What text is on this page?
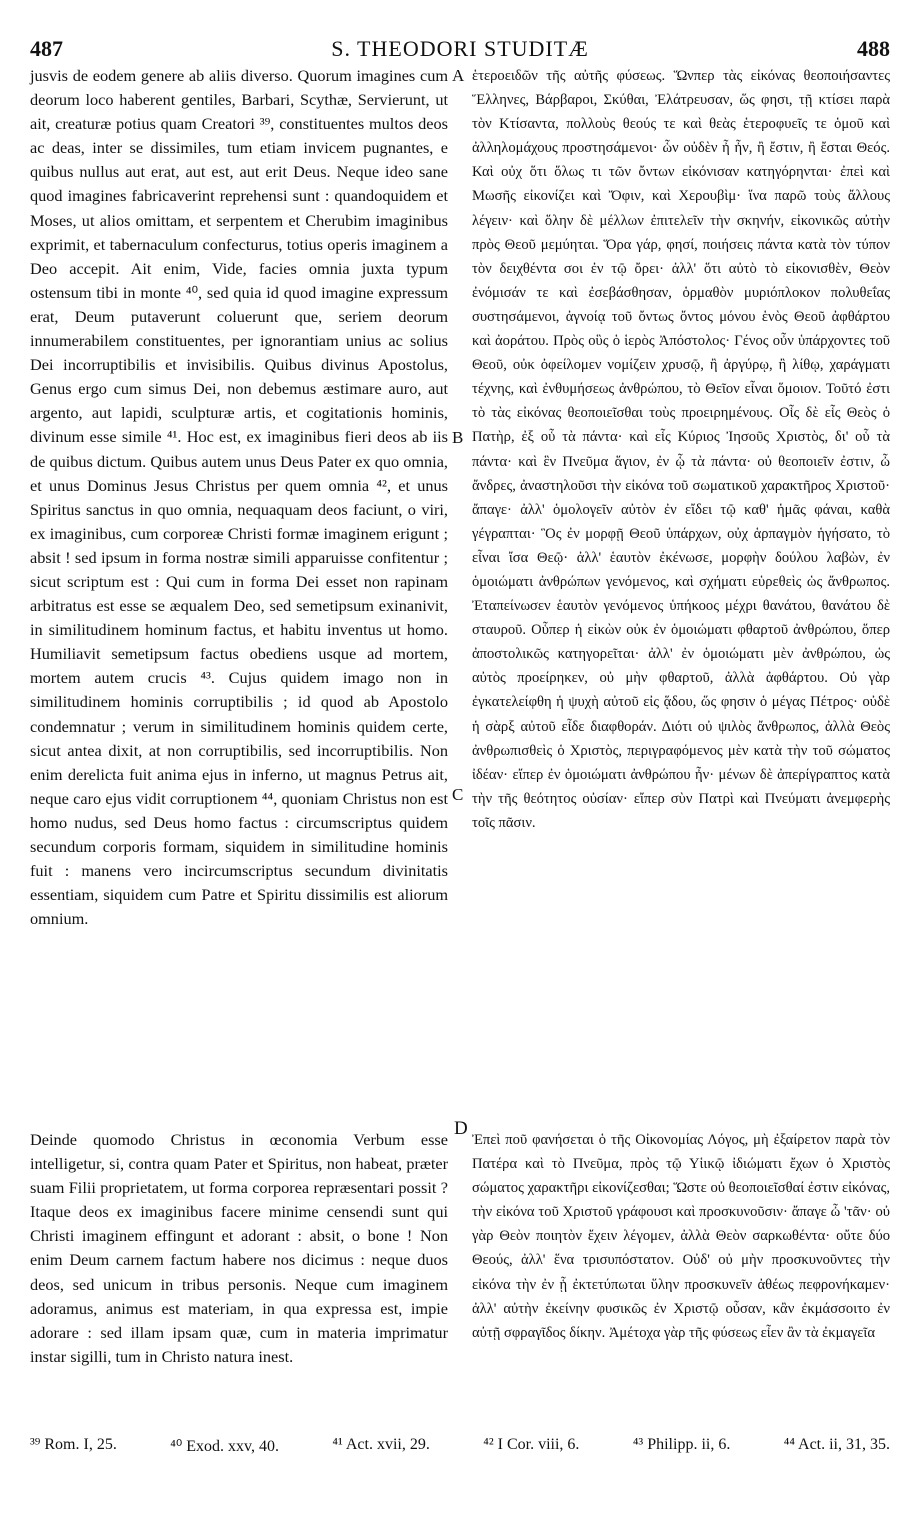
487	S. THEODORI STUDITÆ	488

jusvis de eodem genere ab aliis diverso. Quorum imagines cum deorum loco haberent gentiles, Barbari, Scythæ, Servierunt, ut ait, creaturæ potius quam Creatori ³⁹, constituentes multos deos ac deas, inter se dissimiles, tum etiam invicem pugnantes, e quibus nullus aut erat, aut est, aut erit Deus. Neque ideo sane quod imagines fabricaverint reprehensi sunt : quandoquidem et Moses, ut alios omittam, et serpentem et Cherubim imaginibus exprimit, et tabernaculum confecturus, totius operis imaginem a Deo accepit. Ait enim, Vide, facies omnia juxta typum ostensum tibi in monte ⁴⁰, sed quia id quod imagine expressum erat, Deum putaverunt coluerunt que, seriem deorum innumerabilem constituentes, per ignorantiam unius ac solius Dei incorruptibilis et invisibilis. Quibus divinus Apostolus, Genus ergo cum simus Dei, non debemus æstimare auro, aut argento, aut lapidi, sculpturæ artis, et cogitationis hominis, divinum esse simile ⁴¹. Hoc est, ex imaginibus fieri deos ab iis de quibus dictum. Quibus autem unus Deus Pater ex quo omnia, et unus Dominus Jesus Christus per quem omnia ⁴², et unus Spiritus sanctus in quo omnia, nequaquam deos faciunt, o viri, ex imaginibus, cum corporeæ Christi formæ imaginem erigunt ; absit ! sed ipsum in forma nostræ simili apparuisse confitentur ; sicut scriptum est : Qui cum in forma Dei esset non rapinam arbitratus est esse se æqualem Deo, sed semetipsum exinanivit, in similitudinem hominum factus, et habitu inventus ut homo. Humiliavit semetipsum factus obediens usque ad mortem, mortem autem crucis ⁴³. Cujus quidem imago non in similitudinem hominis corruptibilis ; id quod ab Apostolo condemnatur ; verum in similitudinem hominis quidem certe, sicut antea dixit, at non corruptibilis, sed incorruptibilis. Non enim derelicta fuit anima ejus in inferno, ut magnus Petrus ait, neque caro ejus vidit corruptionem ⁴⁴, quoniam Christus non est homo nudus, sed Deus homo factus : circumscriptus quidem secundum corporis formam, siquidem in similitudine hominis fuit : manens vero incircumscriptus secundum divinitatis essentiam, siquidem cum Patre et Spiritu dissimilis est aliorum omnium.

ἑτεροειδῶν τῆς αὐτῆς φύσεως. Ὥνπερ τὰς εἰκόνας θεοποιήσαντες Ἕλληνες, Βάρβαροι, Σκύθαι, Ἐλάτρευσαν, ὥς φησι, τῇ κτίσει παρὰ τὸν Κτίσαντα, πολλοὺς θεούς τε καὶ θεὰς ἑτεροφυεῖς τε ὁμοῦ καὶ ἀλληλομάχους προστησάμενοι· ὧν οὐδὲν ἦ ἦν, ἢ ἔστιν, ἢ ἔσται Θεός. Καὶ οὐχ ὅτι ὅλως τι τῶν ὄντων εἰκόνισαν κατηγόρηνται· ἐπεὶ καὶ Μωσῆς εἰκονίζει καὶ Ὄφιν, καὶ Χερουβὶμ· ἵνα παρῶ τοὺς ἄλλους λέγειν· καὶ ὅλην δὲ μέλλων ἐπιτελεῖν τὴν σκηνήν, εἰκονικῶς αὐτὴν πρὸς Θεοῦ μεμύηται. Ὅρα γάρ, φησί, ποιήσεις πάντα κατὰ τὸν τύπον τὸν δειχθέντα σοι ἐν τῷ ὄρει· ἀλλ' ὅτι αὐτὸ τὸ εἰκονισθὲν, Θεὸν ἐνόμισάν τε καὶ ἐσεβάσθησαν, ὁρμαθὸν μυριόπλοκον πολυθεΐας συστησάμενοι, ἀγνοίᾳ τοῦ ὄντως ὄντος μόνου ἑνὸς Θεοῦ ἀφθάρτου καὶ ἀοράτου. Πρὸς οὓς ὁ ἱερὸς Ἀπόστολος· Γένος οὖν ὑπάρχοντες τοῦ Θεοῦ, οὐκ ὀφείλομεν νομίζειν χρυσῷ, ἢ ἀργύρῳ, ἢ λίθῳ, χαράγματι τέχνης, καὶ ἐνθυμήσεως ἀνθρώπου, τὸ Θεῖον εἶναι ὅμοιον. Τοῦτό ἐστι τὸ τὰς εἰκόνας θεοποιεῖσθαι τοὺς προειρημένους. Οἷς δὲ εἷς Θεὸς ὁ Πατὴρ, ἐξ οὗ τὰ πάντα· καὶ εἷς Κύριος Ἰησοῦς Χριστὸς, δι' οὗ τὰ πάντα· καὶ ἓν Πνεῦμα ἅγιον, ἐν ᾧ τὰ πάντα· οὐ θεοποιεῖν ἐστιν, ὦ ἄνδρες, ἀναστηλοῦσι τὴν εἰκόνα τοῦ σωματικοῦ χαρακτῆρος Χριστοῦ· ἄπαγε· ἀλλ' ὁμολογεῖν αὐτὸν ἐν εἴδει τῷ καθ' ἡμᾶς φάναι, καθὰ γέγραπται· Ὃς ἐν μορφῇ Θεοῦ ὑπάρχων, οὐχ ἁρπαγμὸν ἡγήσατο, τὸ εἶναι ἴσα Θεῷ· ἀλλ' ἑαυτὸν ἐκένωσε, μορφὴν δούλου λαβὼν, ἐν ὁμοιώματι ἀνθρώπων γενόμενος, καὶ σχήματι εὑρεθεὶς ὡς ἄνθρωπος. Ἐταπείνωσεν ἑαυτὸν γενόμενος ὑπήκοος μέχρι θανάτου, θανάτου δὲ σταυροῦ. Οὗπερ ἡ εἰκὼν οὐκ ἐν ὁμοιώματι φθαρτοῦ ἀνθρώπου, ὅπερ ἀποστολικῶς κατηγορεῖται· ἀλλ' ἐν ὁμοιώματι μὲν ἀνθρώπου, ὡς αὐτὸς προείρηκεν, οὐ μὴν φθαρτοῦ, ἀλλὰ ἀφθάρτου. Οὐ γὰρ ἐγκατελείφθη ἡ ψυχὴ αὐτοῦ εἰς ᾅδου, ὥς φησιν ὁ μέγας Πέτρος· οὐδὲ ἡ σὰρξ αὐτοῦ εἶδε διαφθοράν. Διότι οὐ ψιλὸς ἄνθρωπος, ἀλλὰ Θεὸς ἀνθρωπισθεὶς ὁ Χριστὸς, περιγραφόμενος μὲν κατὰ τὴν τοῦ σώματος ἰδέαν· εἴπερ ἐν ὁμοιώματι ἀνθρώπου ἦν· μένων δὲ ἀπερίγραπτος κατὰ τὴν τῆς θεότητος οὐσίαν· εἴπερ σὺν Πατρὶ καὶ Πνεύματι ἀνεμφερὴς τοῖς πᾶσιν.

A
B
C
D

Deinde quomodo Christus in œconomia Verbum esse intelligetur, si, contra quam Pater et Spiritus, non habeat, præter suam Filii proprietatem, ut forma corporea repræsentari possit ? Itaque deos ex imaginibus facere minime censendi sunt qui Christi imaginem effingunt et adorant : absit, o bone ! Non enim Deum carnem factum habere nos dicimus : neque duos deos, sed unicum in tribus personis. Neque cum imaginem adoramus, animus est materiam, in qua expressa est, impie adorare : sed illam ipsam quæ, cum in materia imprimatur instar sigilli, tum in Christo natura inest.

Ἐπεὶ ποῦ φανήσεται ὁ τῆς Οἰκονομίας Λόγος, μὴ ἐξαίρετον παρὰ τὸν Πατέρα καὶ τὸ Πνεῦμα, πρὸς τῷ Υἱικῷ ἰδιώματι ἔχων ὁ Χριστὸς σώματος χαρακτῆρι εἰκονίζεσθαι; Ὥστε οὐ θεοποιεῖσθαί ἐστιν εἰκόνας, τὴν εἰκόνα τοῦ Χριστοῦ γράφουσι καὶ προσκυνοῦσιν· ἄπαγε ὦ 'τᾶν· οὐ γὰρ Θεὸν ποιητὸν ἔχειν λέγομεν, ἀλλὰ Θεὸν σαρκωθέντα· οὔτε δύο Θεούς, ἀλλ' ἕνα τρισυπόστατον. Οὐδ' οὐ μὴν προσκυνοῦντες τὴν εἰκόνα τὴν ἐν ᾗ ἐκτετύπωται ὕλην προσκυνεῖν ἀθέως πεφρονήκαμεν· ἀλλ' αὐτὴν ἐκείνην φυσικῶς ἐν Χριστῷ οὖσαν, κἂν ἐκμάσσοιτο ἐν αὐτῇ σφραγῖδος δίκην. Ἀμέτοχα γὰρ τῆς φύσεως εἶεν ἂν τὰ ἐκμαγεῖα

³⁹ Rom. I, 25.	⁴⁰ Exod. xxv, 40.	⁴¹ Act. xvii, 29.	⁴² I Cor. viii, 6.	⁴³ Philipp. ii, 6.	⁴⁴ Act. ii, 31, 35.
